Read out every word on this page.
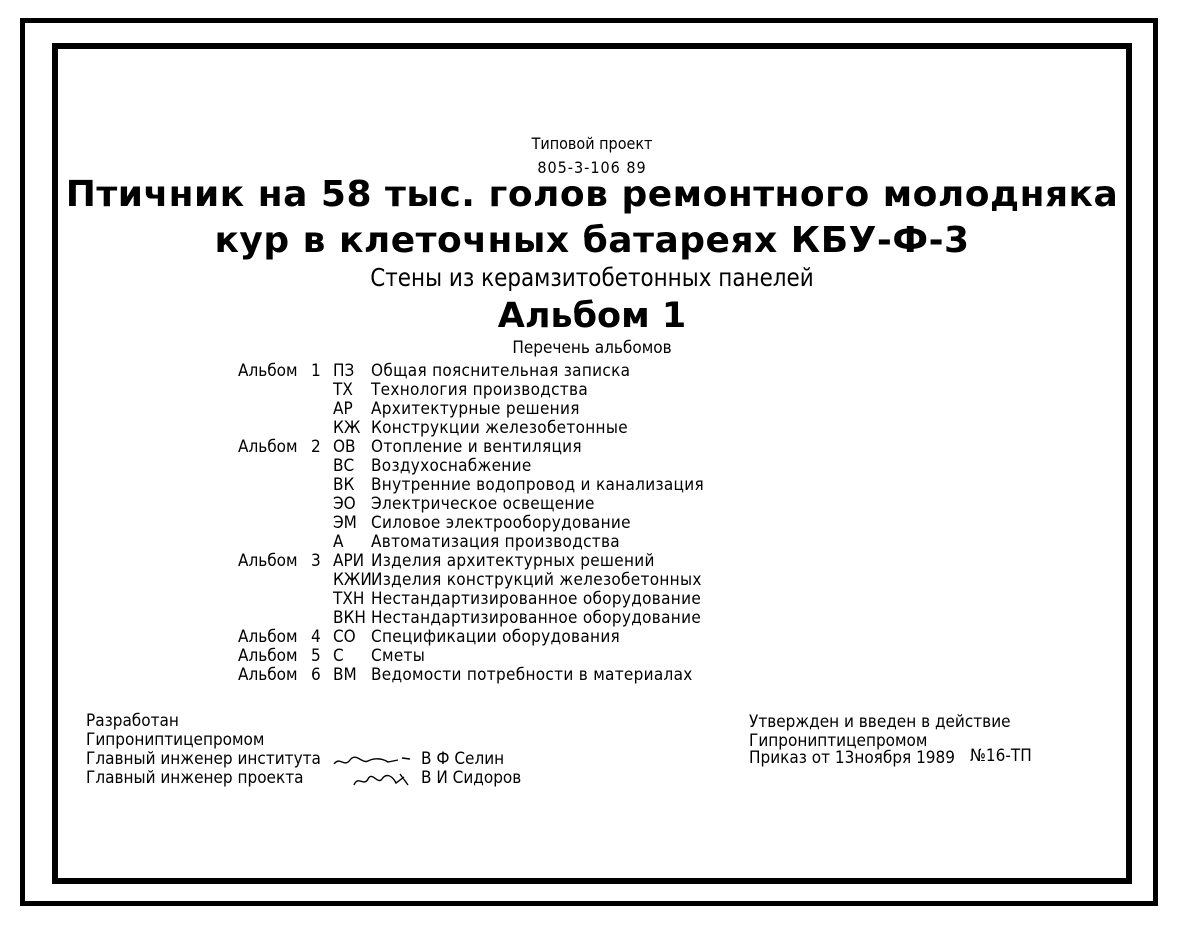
Типовой проект
805-3-106 89
Птичник на 58 тыс. голов ремонтного молодняка
кур в клеточных батареях КБУ-Ф-3
Стены из керамзитобетонных панелей
Альбом 1
Перечень альбомов
Альбом 1 ПЗ Общая пояснительная записка
ТХ Технология производства
АР Архитектурные решения
КЖ Конструкции железобетонные
Альбом 2 ОВ Отопление и вентиляция
ВС Воздухоснабжение
ВК Внутренние водопровод и канализация
ЭО Электрическое освещение
ЭМ Силовое электрооборудование
А Автоматизация производства
Альбом 3 АРИ Изделия архитектурных решений
КЖИ Изделия конструкций железобетонных
ТХН Нестандартизированное оборудование
ВКН Нестандартизированное оборудование
Альбом 4 СО Спецификации оборудования
Альбом 5 С Сметы
Альбом 6 ВМ Ведомости потребности в материалах
Разработан
Гипрониптицепромом
Главный инженер института
Главный инженер проекта
В Ф Селин
В И Сидоров
Утвержден и введен в действие
Гипрониптицепромом
Приказ от 13ноября 1989 №16-ТП
